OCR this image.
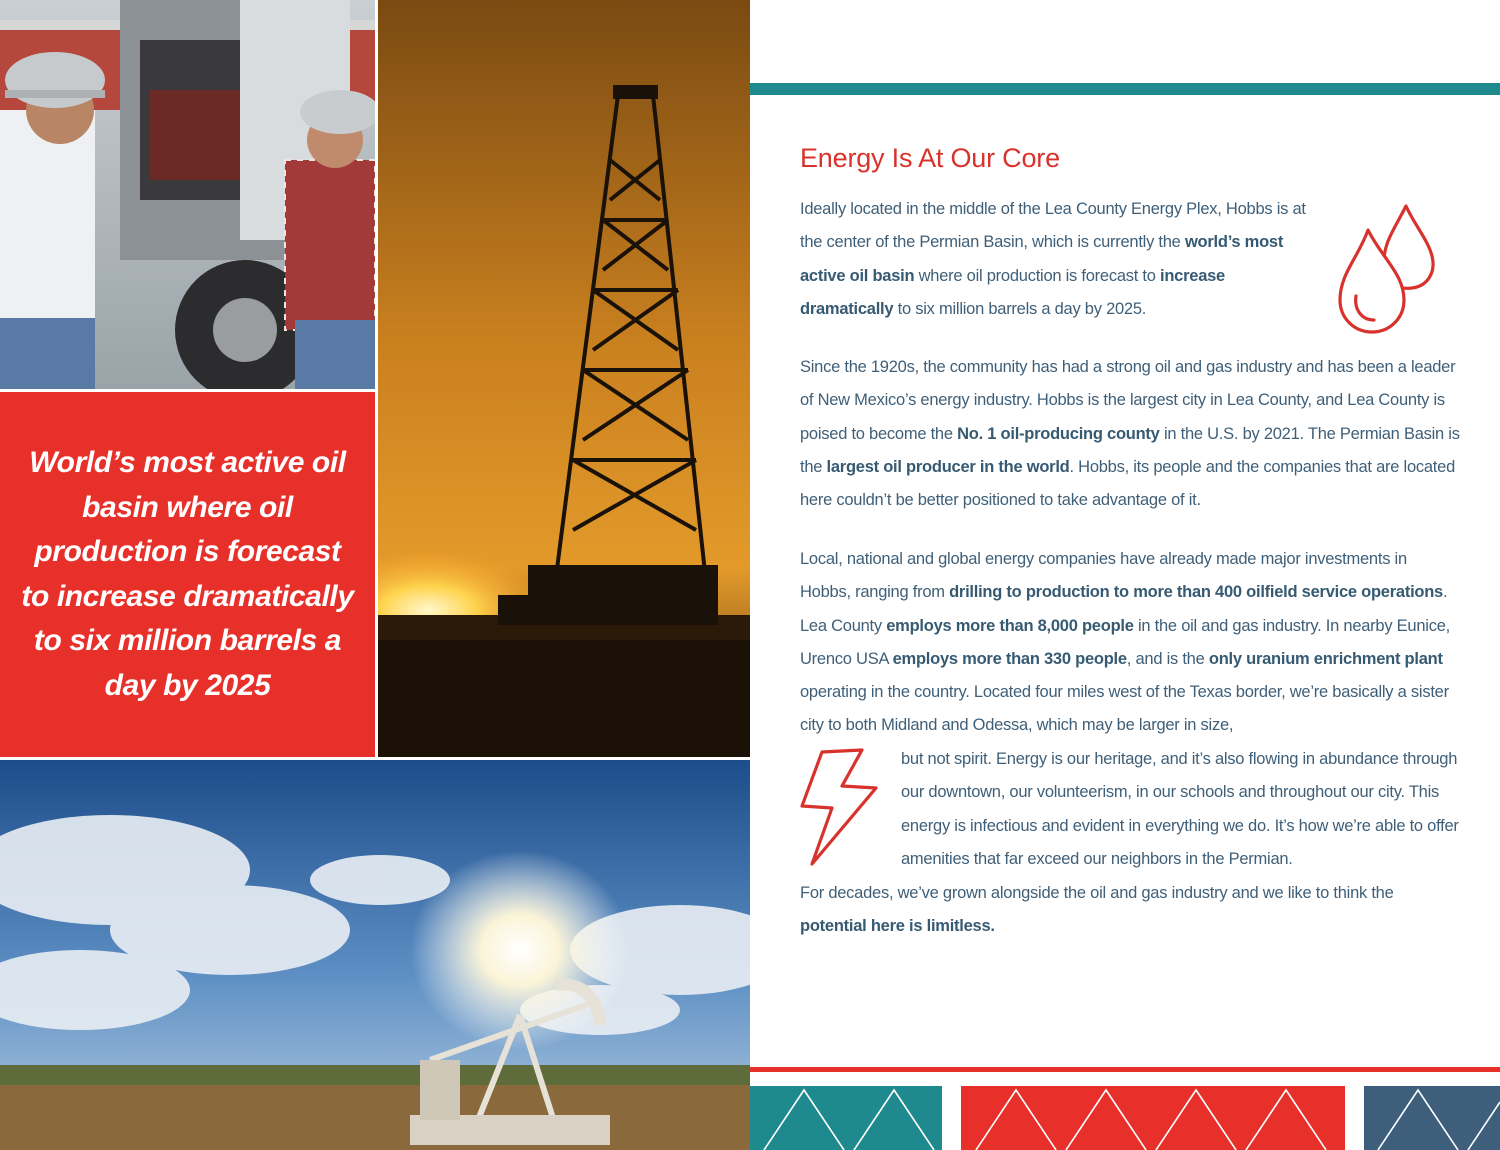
World’s most active oil basin where oil production is forecast to increase dramatically to six million barrels a day by 2025

Energy Is At Our Core

Ideally located in the middle of the Lea County Energy Plex, Hobbs is at the center of the Permian Basin, which is currently the world’s most active oil basin where oil production is forecast to increase dramatically to six million barrels a day by 2025.

Since the 1920s, the community has had a strong oil and gas industry and has been a leader of New Mexico’s energy industry. Hobbs is the largest city in Lea County, and Lea County is poised to become the No. 1 oil-producing county in the U.S. by 2021. The Permian Basin is the largest oil producer in the world. Hobbs, its people and the companies that are located here couldn’t be better positioned to take advantage of it.

Local, national and global energy companies have already made major investments in Hobbs, ranging from drilling to production to more than 400 oilfield service operations. Lea County employs more than 8,000 people in the oil and gas industry. In nearby Eunice, Urenco USA employs more than 330 people, and is the only uranium enrichment plant operating in the country. Located four miles west of the Texas border, we’re basically a sister city to both Midland and Odessa, which may be larger in size,

but not spirit. Energy is our heritage, and it’s also flowing in abundance through our downtown, our volunteerism, in our schools and throughout our city. This energy is infectious and evident in everything we do. It’s how we’re able to offer amenities that far exceed our neighbors in the Permian.

For decades, we’ve grown alongside the oil and gas industry and we like to think the potential here is limitless.
